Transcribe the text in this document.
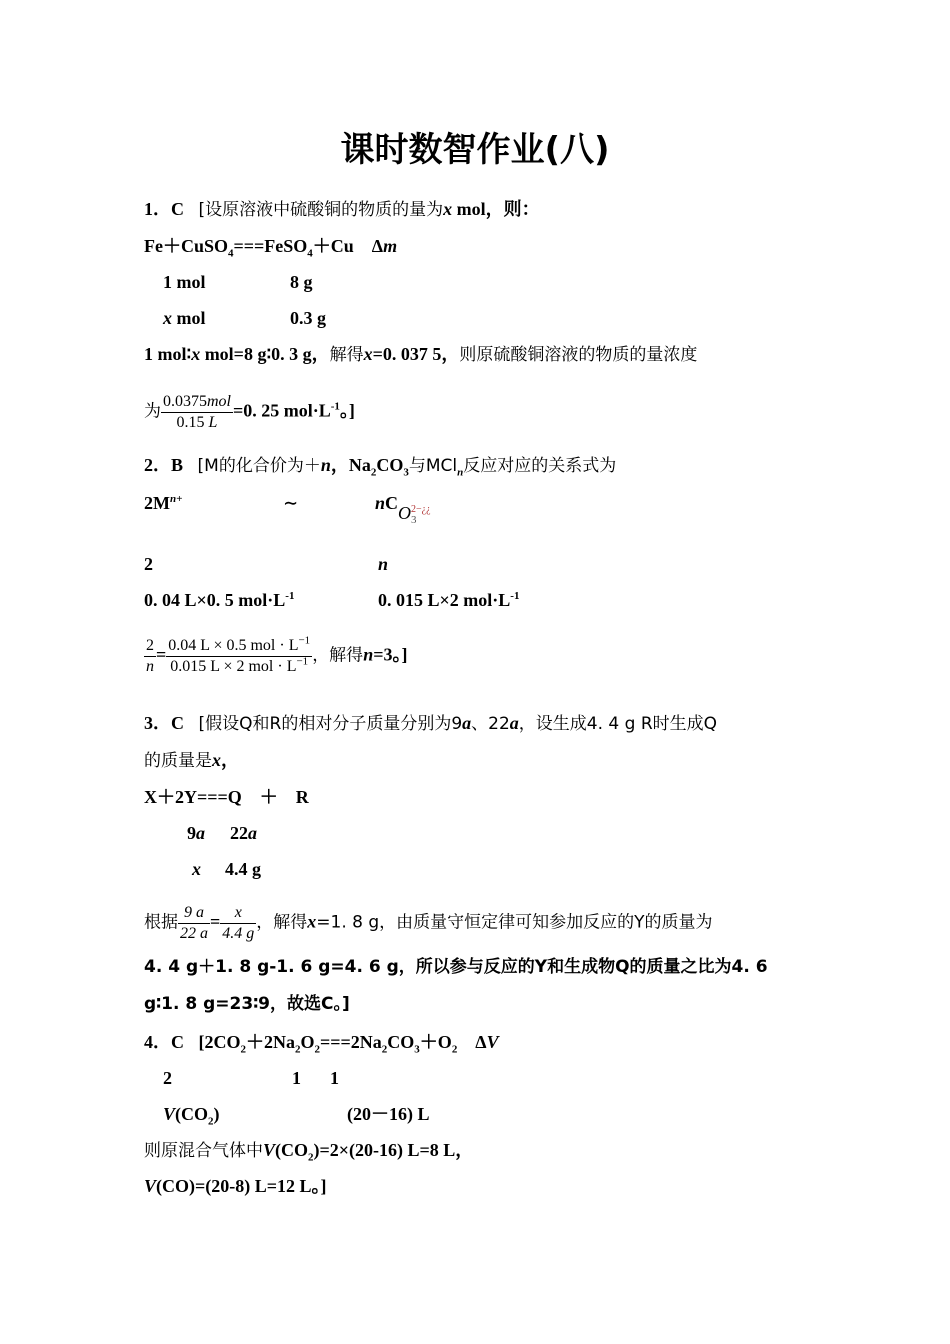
课时数智作业(八)
1．C [设原溶液中硫酸铜的物质的量为x mol，则：
Fe＋CuSO$_4$===FeSO$_4$＋Cu　Δm
1 mol	8 g
x mol	0.3 g
1 mol∶x mol=8 g∶0. 3 g，解得x=0. 037 5，则原硫酸铜溶液的物质的量浓度
为 $\frac{\text{0.0375mol}}{0.15 L} =0$. 25 $mol\cdot L^{-1}$。]
2．B [M的化合价为＋n，$Na_2CO_3$与MCl$_n$反应对应的关系式为
$2M^{n+}$	∼	nCO 2−¿¿
3
2	n
0. 04 L×0. 5 $mol\cdot L^{-1}$	0. 015 L×2 $mol\cdot L^{-1}$
$\frac{2}{n} = \frac{0.04 L \times 0.5 mol \cdot L^{-1}}{0.015 L \times 2 mol \cdot L^{-1}}$ ，解得n=3。]
3．C [假设Q和R的相对分子质量分别为9a、22a，设生成4. 4 g R时生成Q
的质量是x，
X＋2Y===Q　＋　R
9a 22a
x 4.4 g
根据 $\frac{9 a}{22 a} = \frac{x}{4.4 g}$ ，解得x=1. 8 g，由质量守恒定律可知参加反应的Y的质量为
4. 4 g＋1. 8 g-1. 6 g=4. 6 g，所以参与反应的Y和生成物Q的质量之比为4. 6
g∶1. 8 g=23∶9，故选C。]
4．C [$2CO_2+2Na_2O_2===2Na_2CO_3+O_2$　ΔV
2	1 1
$V(CO_2)$	(20－16) L
则原混合气体中$V(CO_2)=2\times(20-16)$ L=8 L，
V(CO)=(20-8) L=12 L。]
